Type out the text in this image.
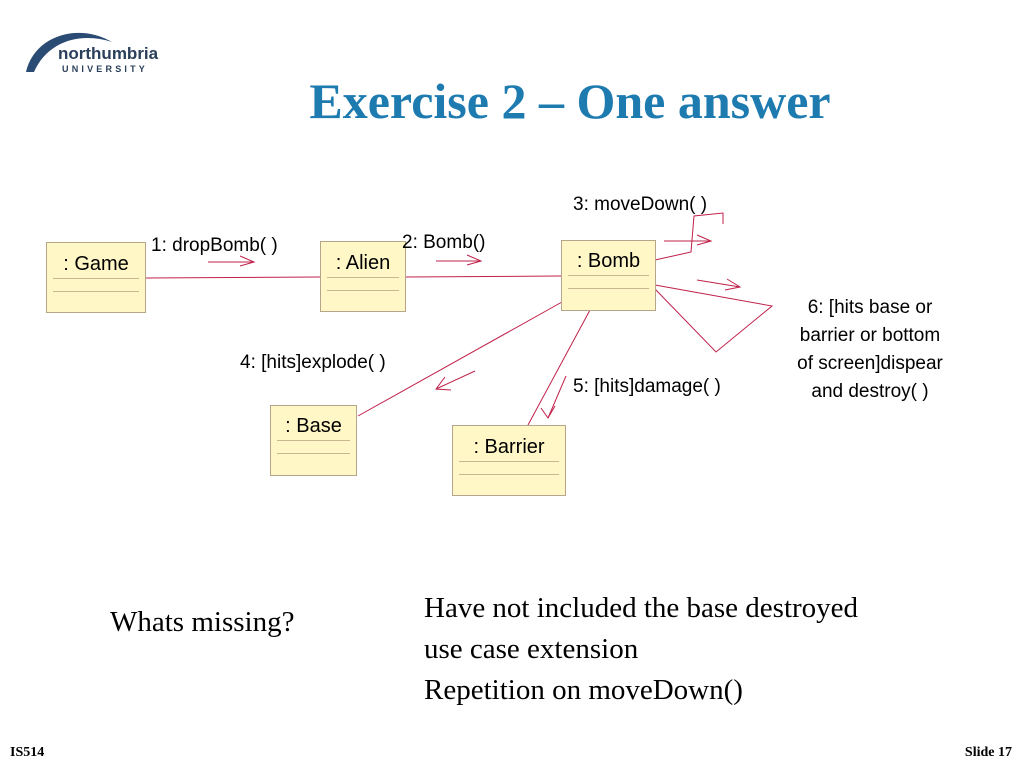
northumbria
UNIVERSITY
Exercise 2 – One answer
: Game	: Alien	: Bomb
: Base
: Barrier
1: dropBomb( )	2: Bomb()
3: moveDown( )
4: [hits]explode( )
5: [hits]damage( )
6: [hits base or
barrier or bottom
of screen]dispear
and destroy( )
Whats missing?	Have not included the base destroyed
use case extension
Repetition on moveDown()
IS514	Slide 17
